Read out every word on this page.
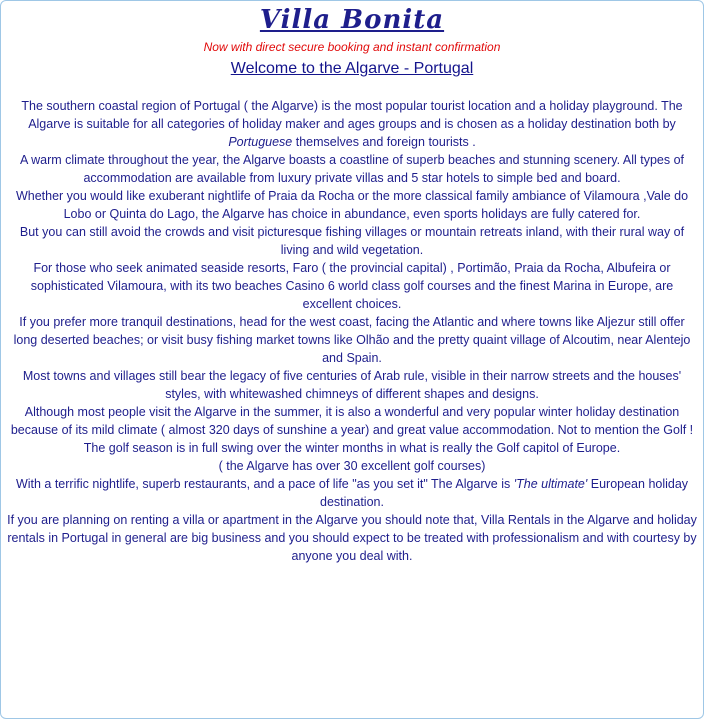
Villa Bonita
Now with direct secure booking and instant confirmation
Welcome to the Algarve - Portugal

The southern coastal region of Portugal ( the Algarve) is the most popular tourist location and a holiday playground. The Algarve is suitable for all categories of holiday maker and ages groups and is chosen as a holiday destination both by Portuguese themselves and foreign tourists .

A warm climate throughout the year, the Algarve boasts a coastline of superb beaches and stunning scenery. All types of accommodation are available from luxury private villas and 5 star hotels to simple bed and board.

Whether you would like exuberant nightlife of Praia da Rocha or the more classical family ambiance of Vilamoura ,Vale do Lobo or Quinta do Lago, the Algarve has choice in abundance, even sports holidays are fully catered for.

But you can still avoid the crowds and visit picturesque fishing villages or mountain retreats inland, with their rural way of living and wild vegetation.

For those who seek animated seaside resorts, Faro ( the provincial capital) , Portimão, Praia da Rocha, Albufeira or sophisticated Vilamoura, with its two beaches Casino 6 world class golf courses and the finest Marina in Europe, are excellent choices.

If you prefer more tranquil destinations, head for the west coast, facing the Atlantic and where towns like Aljezur still offer long deserted beaches; or visit busy fishing market towns like Olhão and the pretty quaint village of Alcoutim, near Alentejo and Spain.

Most towns and villages still bear the legacy of five centuries of Arab rule, visible in their narrow streets and the houses' styles, with whitewashed chimneys of different shapes and designs.

Although most people visit the Algarve in the summer, it is also a wonderful and very popular winter holiday destination because of its mild climate ( almost 320 days of sunshine a year) and great value accommodation. Not to mention the Golf !

The golf season is in full swing over the winter months in what is really the Golf capitol of Europe.

( the Algarve has over 30 excellent golf courses)

With a terrific nightlife, superb restaurants, and a pace of life "as you set it" The Algarve is 'The ultimate' European holiday destination.

If you are planning on renting a villa or apartment in the Algarve you should note that, Villa Rentals in the Algarve and holiday rentals in Portugal in general are big business and you should expect to be treated with professionalism and with courtesy by anyone you deal with.
